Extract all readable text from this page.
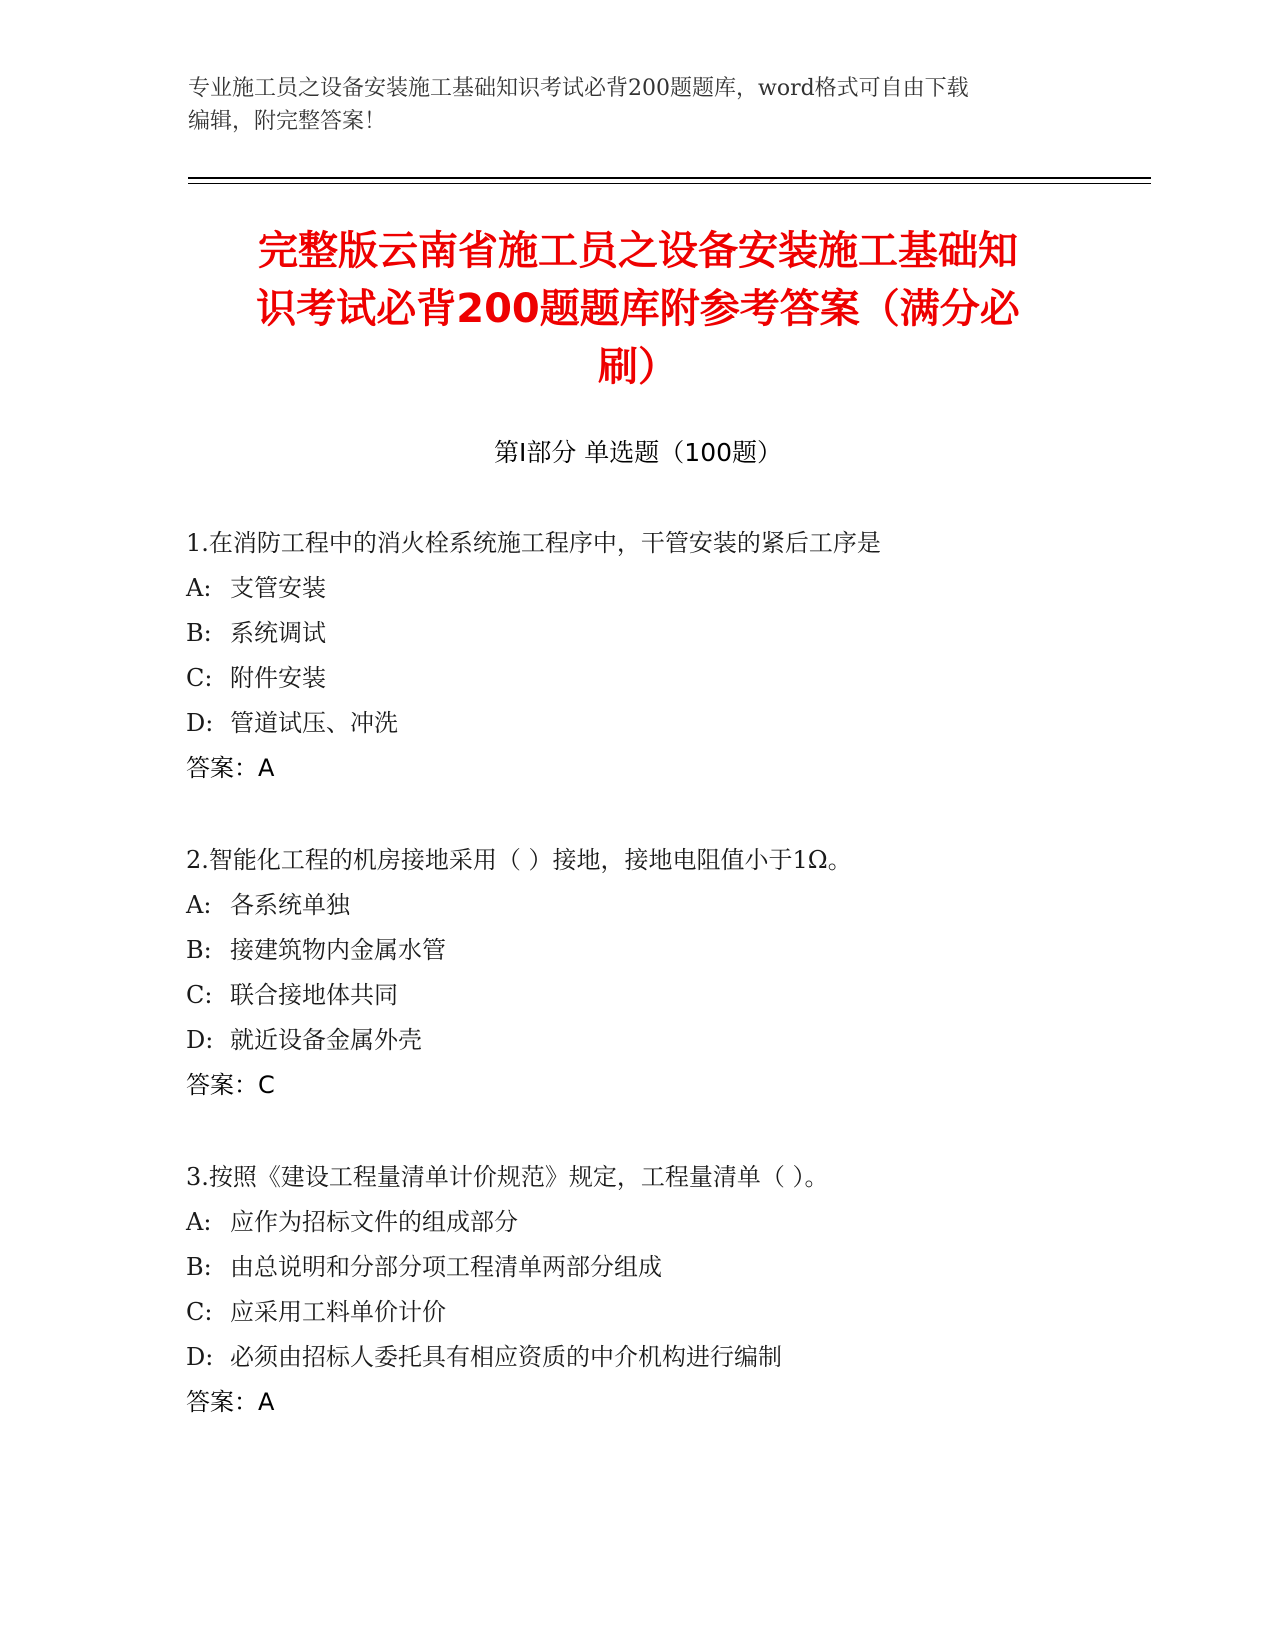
专业施工员之设备安装施工基础知识考试必背200题题库，word格式可自由下载
编辑，附完整答案！
完整版云南省施工员之设备安装施工基础知
识考试必背200题题库附参考答案（满分必
刷）
第Ⅰ部分 单选题（100题）
1.在消防工程中的消火栓系统施工程序中，干管安装的紧后工序是
A: 支管安装
B: 系统调试
C: 附件安装
D: 管道试压、冲洗
答案：A
2.智能化工程的机房接地采用（ ）接地，接地电阻值小于1Ω。
A: 各系统单独
B: 接建筑物内金属水管
C: 联合接地体共同
D: 就近设备金属外壳
答案：C
3.按照《建设工程量清单计价规范》规定，工程量清单（ ）。
A: 应作为招标文件的组成部分
B: 由总说明和分部分项工程清单两部分组成
C: 应采用工料单价计价
D: 必须由招标人委托具有相应资质的中介机构进行编制
答案：A
